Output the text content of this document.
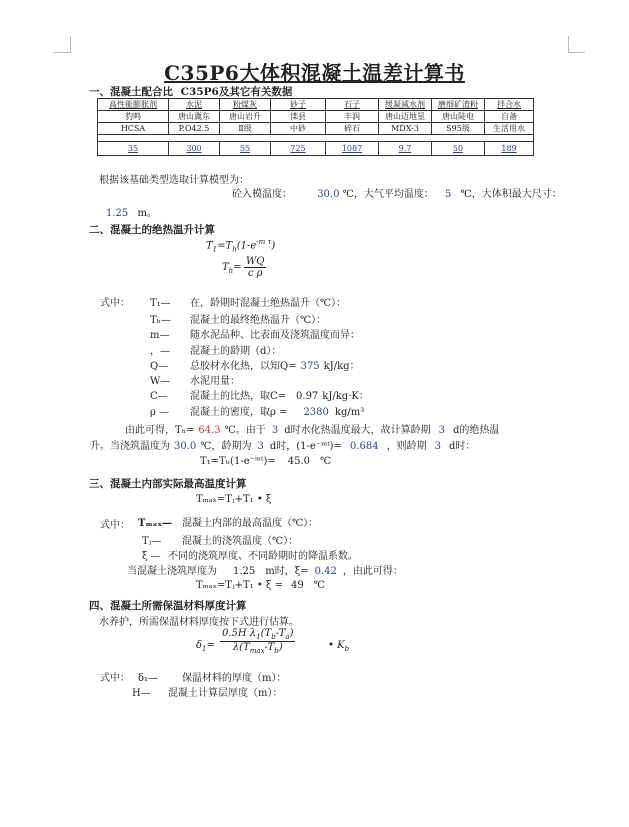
C35P6大体积混凝土温差计算书
一、混凝土配合比 C35P6及其它有关数据
高性能膨胀剂	水泥	粉煤灰	砂子	石子	缓凝减水剂	磨细矿渣粉	拌合水
豹鸣	唐山冀东	唐山岩升	滦县	丰润	唐山迈地星	唐山陡电	自备
HCSA	P.O42.5	Ⅱ级	中砂	碎石	MDX-3	S95级	生活用水

35	300	55	725	1087	9.7	50	189
根据该基础类型选取计算模型为：
砼入模温度：	30.0 ℃，大气平均温度： 5 ℃，大体积最大尺寸：
1.25 m。
二、混凝土的绝热温升计算
$T_1=T_h(1-e^{-m \tau})$
$T_h= \frac{WQ}{\text{c ρ}}$
式中： T₁— 在，龄期时混凝土绝热温升（℃）：
Tₕ— 混凝土的最终绝热温升（℃）：
m— 随水泥品种、比表面及浇筑温度而异：
，— 混凝土的龄期（d）：
Q— 总胶材水化热，以知Q= 375 kJ/kg：
W— 水泥用量：
C— 混凝土的比热，取C= 0.97 kJ/kg·K：
ρ — 混凝土的密度，取ρ = 2380 kg/m³
由此可得，Tₕ= 64.3 ℃。由于 3 d时水化热温度最大，故计算龄期 3 d的绝热温
升。当浇筑温度为 30.0 ℃，龄期为 3 d时，(1-e⁻ᵐᵗ)= 0.684 ，则龄期 3 d时：
T₁=Tₕ(1-e⁻ᵐᵗ)= 45.0 ℃
三、混凝土内部实际最高温度计算
Tₘₐₓ=Tⱼ+T₁ • ξ
式中： Tₘₐₓ— 混凝土内部的最高温度（℃）：
Tⱼ— 混凝土的浇筑温度（℃）：
ξ — 不同的浇筑厚度、不同龄期时的降温系数。
当混凝土浇筑厚度为 1.25 m时，ξ= 0.42 ，由此可得：
Tₘₐₓ=Tⱼ+T₁ • ξ = 49 ℃
四、混凝土所需保温材料厚度计算
水养护，所需保温材料厚度按下式进行估算。
$\delta_1=$
0.5H $\lambda_1(T_b-T_a)$
$\lambda(T_{max}-T_b)$	• $K_b$
式中： δ₁— 保温材料的厚度（m）：
H— 混凝土计算层厚度（m）：
